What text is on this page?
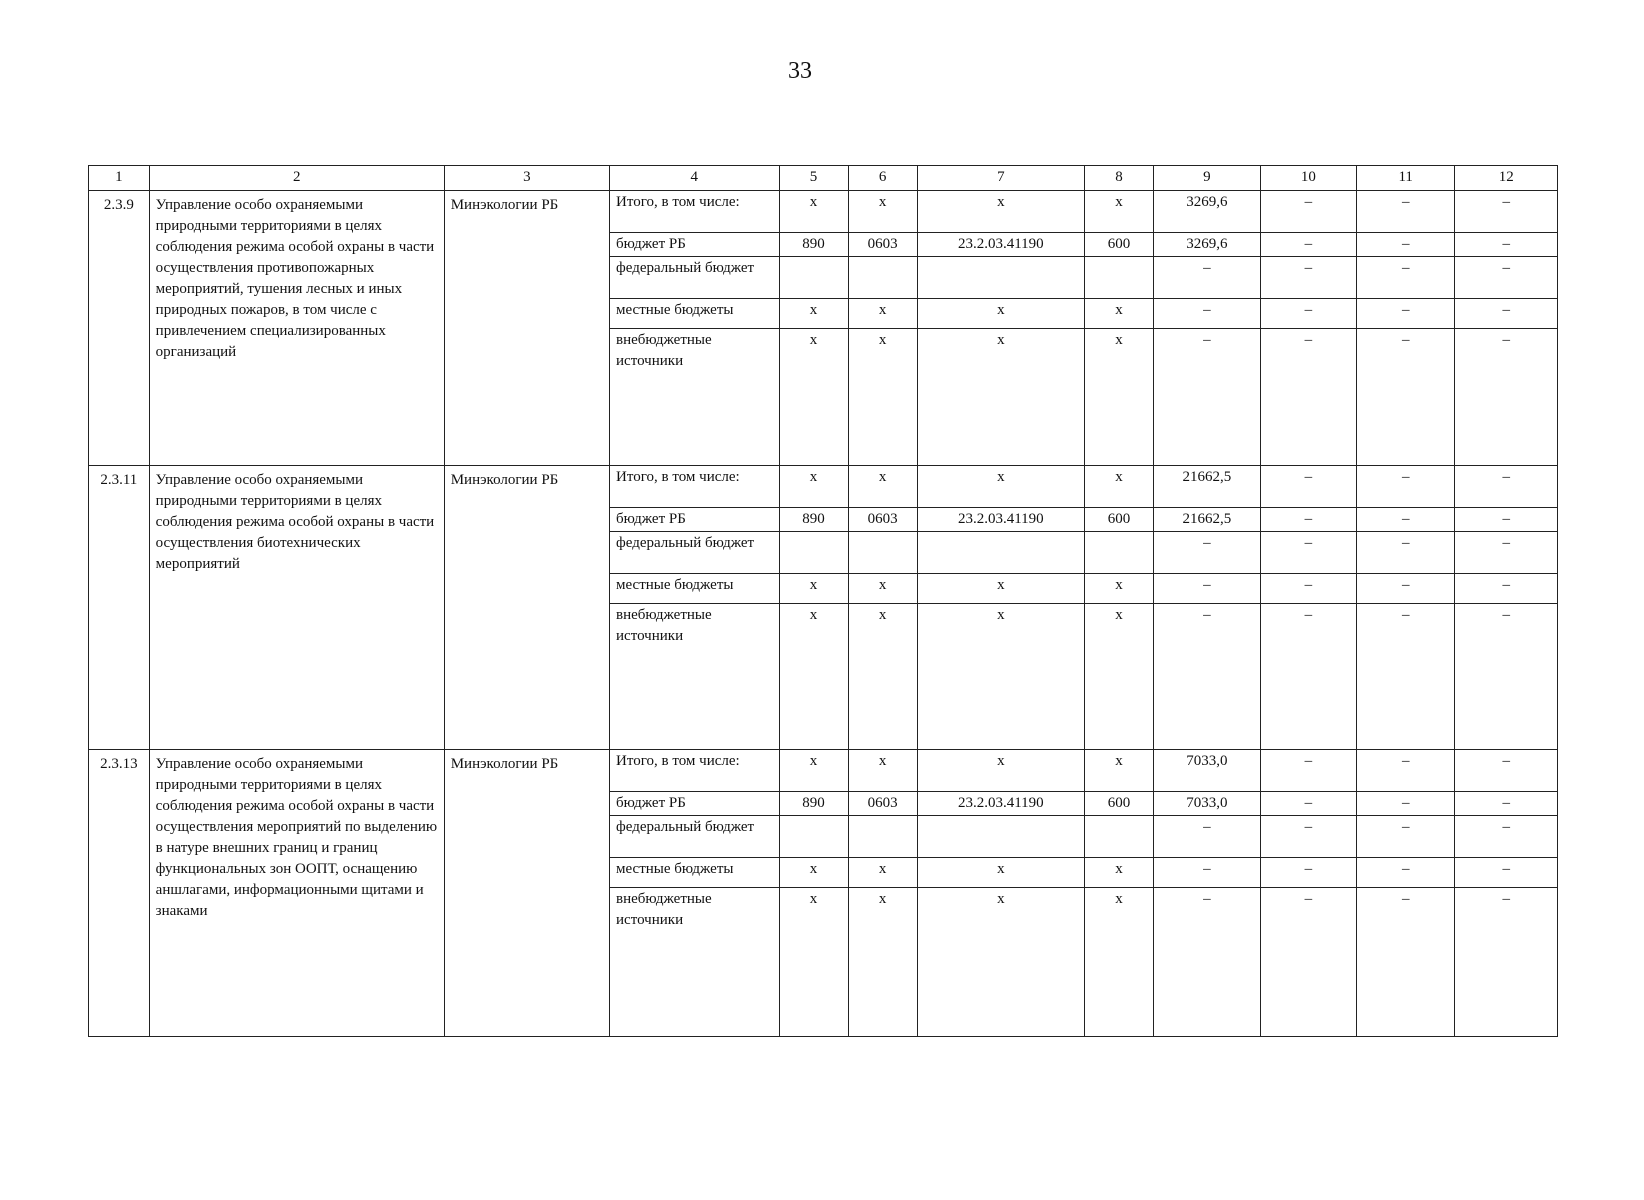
33
1	2	3	4	5	6	7	8	9	10	11	12
2.3.9	Управление особо охраняемыми природными территориями в целях соблюдения режима особой охраны в части осуществления противопожарных мероприятий, тушения лесных и иных природных пожаров, в том числе с привлечением специализированных организаций	Минэкологии РБ	Итого, в том числе:	х	х	х	х	3269,6	–	–	–
			бюджет РБ	890	0603	23.2.03.41190	600	3269,6	–	–	–
			федеральный бюджет					–	–	–	–
			местные бюджеты	х	х	х	х	–	–	–	–
			внебюджетные источники	х	х	х	х	–	–	–	–
2.3.11	Управление особо охраняемыми природными территориями в целях соблюдения режима особой охраны в части осуществления биотехнических мероприятий	Минэкологии РБ	Итого, в том числе:	х	х	х	х	21662,5	–	–	–
			бюджет РБ	890	0603	23.2.03.41190	600	21662,5	–	–	–
			федеральный бюджет					–	–	–	–
			местные бюджеты	х	х	х	х	–	–	–	–
			внебюджетные источники	х	х	х	х	–	–	–	–
2.3.13	Управление особо охраняемыми природными территориями в целях соблюдения режима особой охраны в части осуществления мероприятий по выделению в натуре внешних границ и границ функциональных зон ООПТ, оснащению аншлагами, информационными щитами и знаками	Минэкологии РБ	Итого, в том числе:	х	х	х	х	7033,0	–	–	–
			бюджет РБ	890	0603	23.2.03.41190	600	7033,0	–	–	–
			федеральный бюджет					–	–	–	–
			местные бюджеты	х	х	х	х	–	–	–	–
			внебюджетные источники	х	х	х	х	–	–	–	–
